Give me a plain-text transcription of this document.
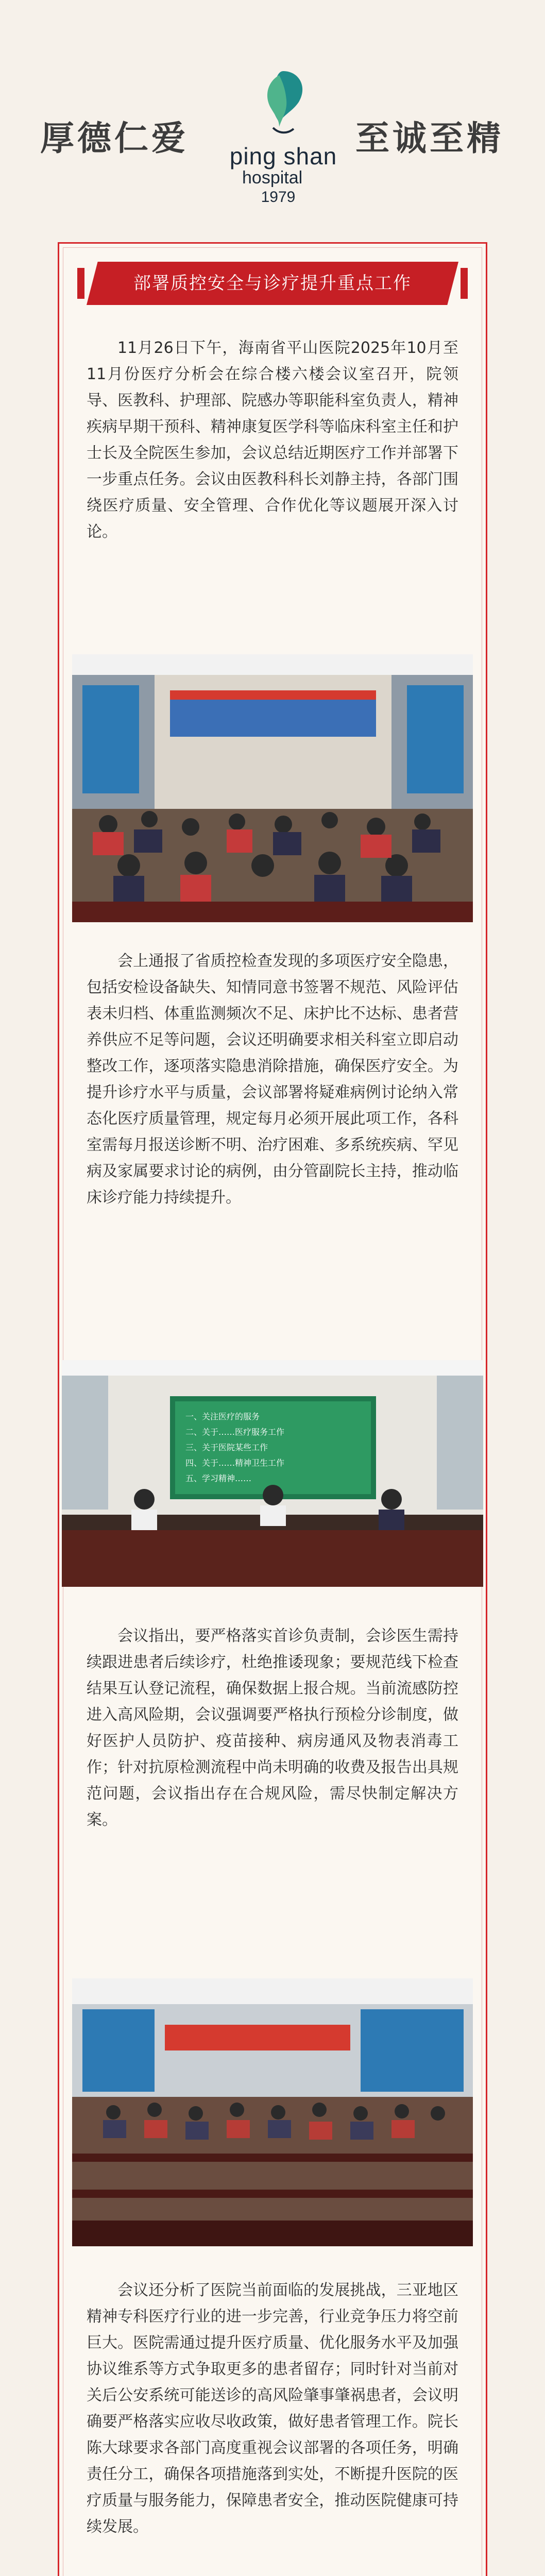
厚德仁爱	ping shan
hospital
1979
至诚至精
部署质控安全与诊疗提升重点工作
11月26日下午，海南省平山医院2025年10月至11月份医疗分析会在综合楼六楼会议室召开，院领导、医教科、护理部、院感办等职能科室负责人，精神疾病早期干预科、精神康复医学科等临床科室主任和护士长及全院医生参加，会议总结近期医疗工作并部署下一步重点任务。会议由医教科科长刘静主持，各部门围绕医疗质量、安全管理、合作优化等议题展开深入讨论。
会上通报了省质控检查发现的多项医疗安全隐患，包括安检设备缺失、知情同意书签署不规范、风险评估表未归档、体重监测频次不足、床护比不达标、患者营养供应不足等问题，会议还明确要求相关科室立即启动整改工作，逐项落实隐患消除措施，确保医疗安全。为提升诊疗水平与质量，会议部署将疑难病例讨论纳入常态化医疗质量管理，规定每月必须开展此项工作，各科室需每月报送诊断不明、治疗困难、多系统疾病、罕见病及家属要求讨论的病例，由分管副院长主持，推动临床诊疗能力持续提升。
一、关注医疗的服务
二、关于……医疗服务工作
三、关于医院某些工作
四、关于……精神卫生工作
五、学习精神……
会议指出，要严格落实首诊负责制，会诊医生需持续跟进患者后续诊疗，杜绝推诿现象；要规范线下检查结果互认登记流程，确保数据上报合规。当前流感防控进入高风险期，会议强调要严格执行预检分诊制度，做好医护人员防护、疫苗接种、病房通风及物表消毒工作；针对抗原检测流程中尚未明确的收费及报告出具规范问题，会议指出存在合规风险，需尽快制定解决方案。
会议还分析了医院当前面临的发展挑战，三亚地区精神专科医疗行业的进一步完善，行业竞争压力将空前巨大。医院需通过提升医疗质量、优化服务水平及加强协议维系等方式争取更多的患者留存；同时针对当前对关后公安系统可能送诊的高风险肇事肇祸患者，会议明确要严格落实应收尽收政策，做好患者管理工作。院长陈大球要求各部门高度重视会议部署的各项任务，明确责任分工，确保各项措施落到实处，不断提升医院的医疗质量与服务能力，保障患者安全，推动医院健康可持续发展。
